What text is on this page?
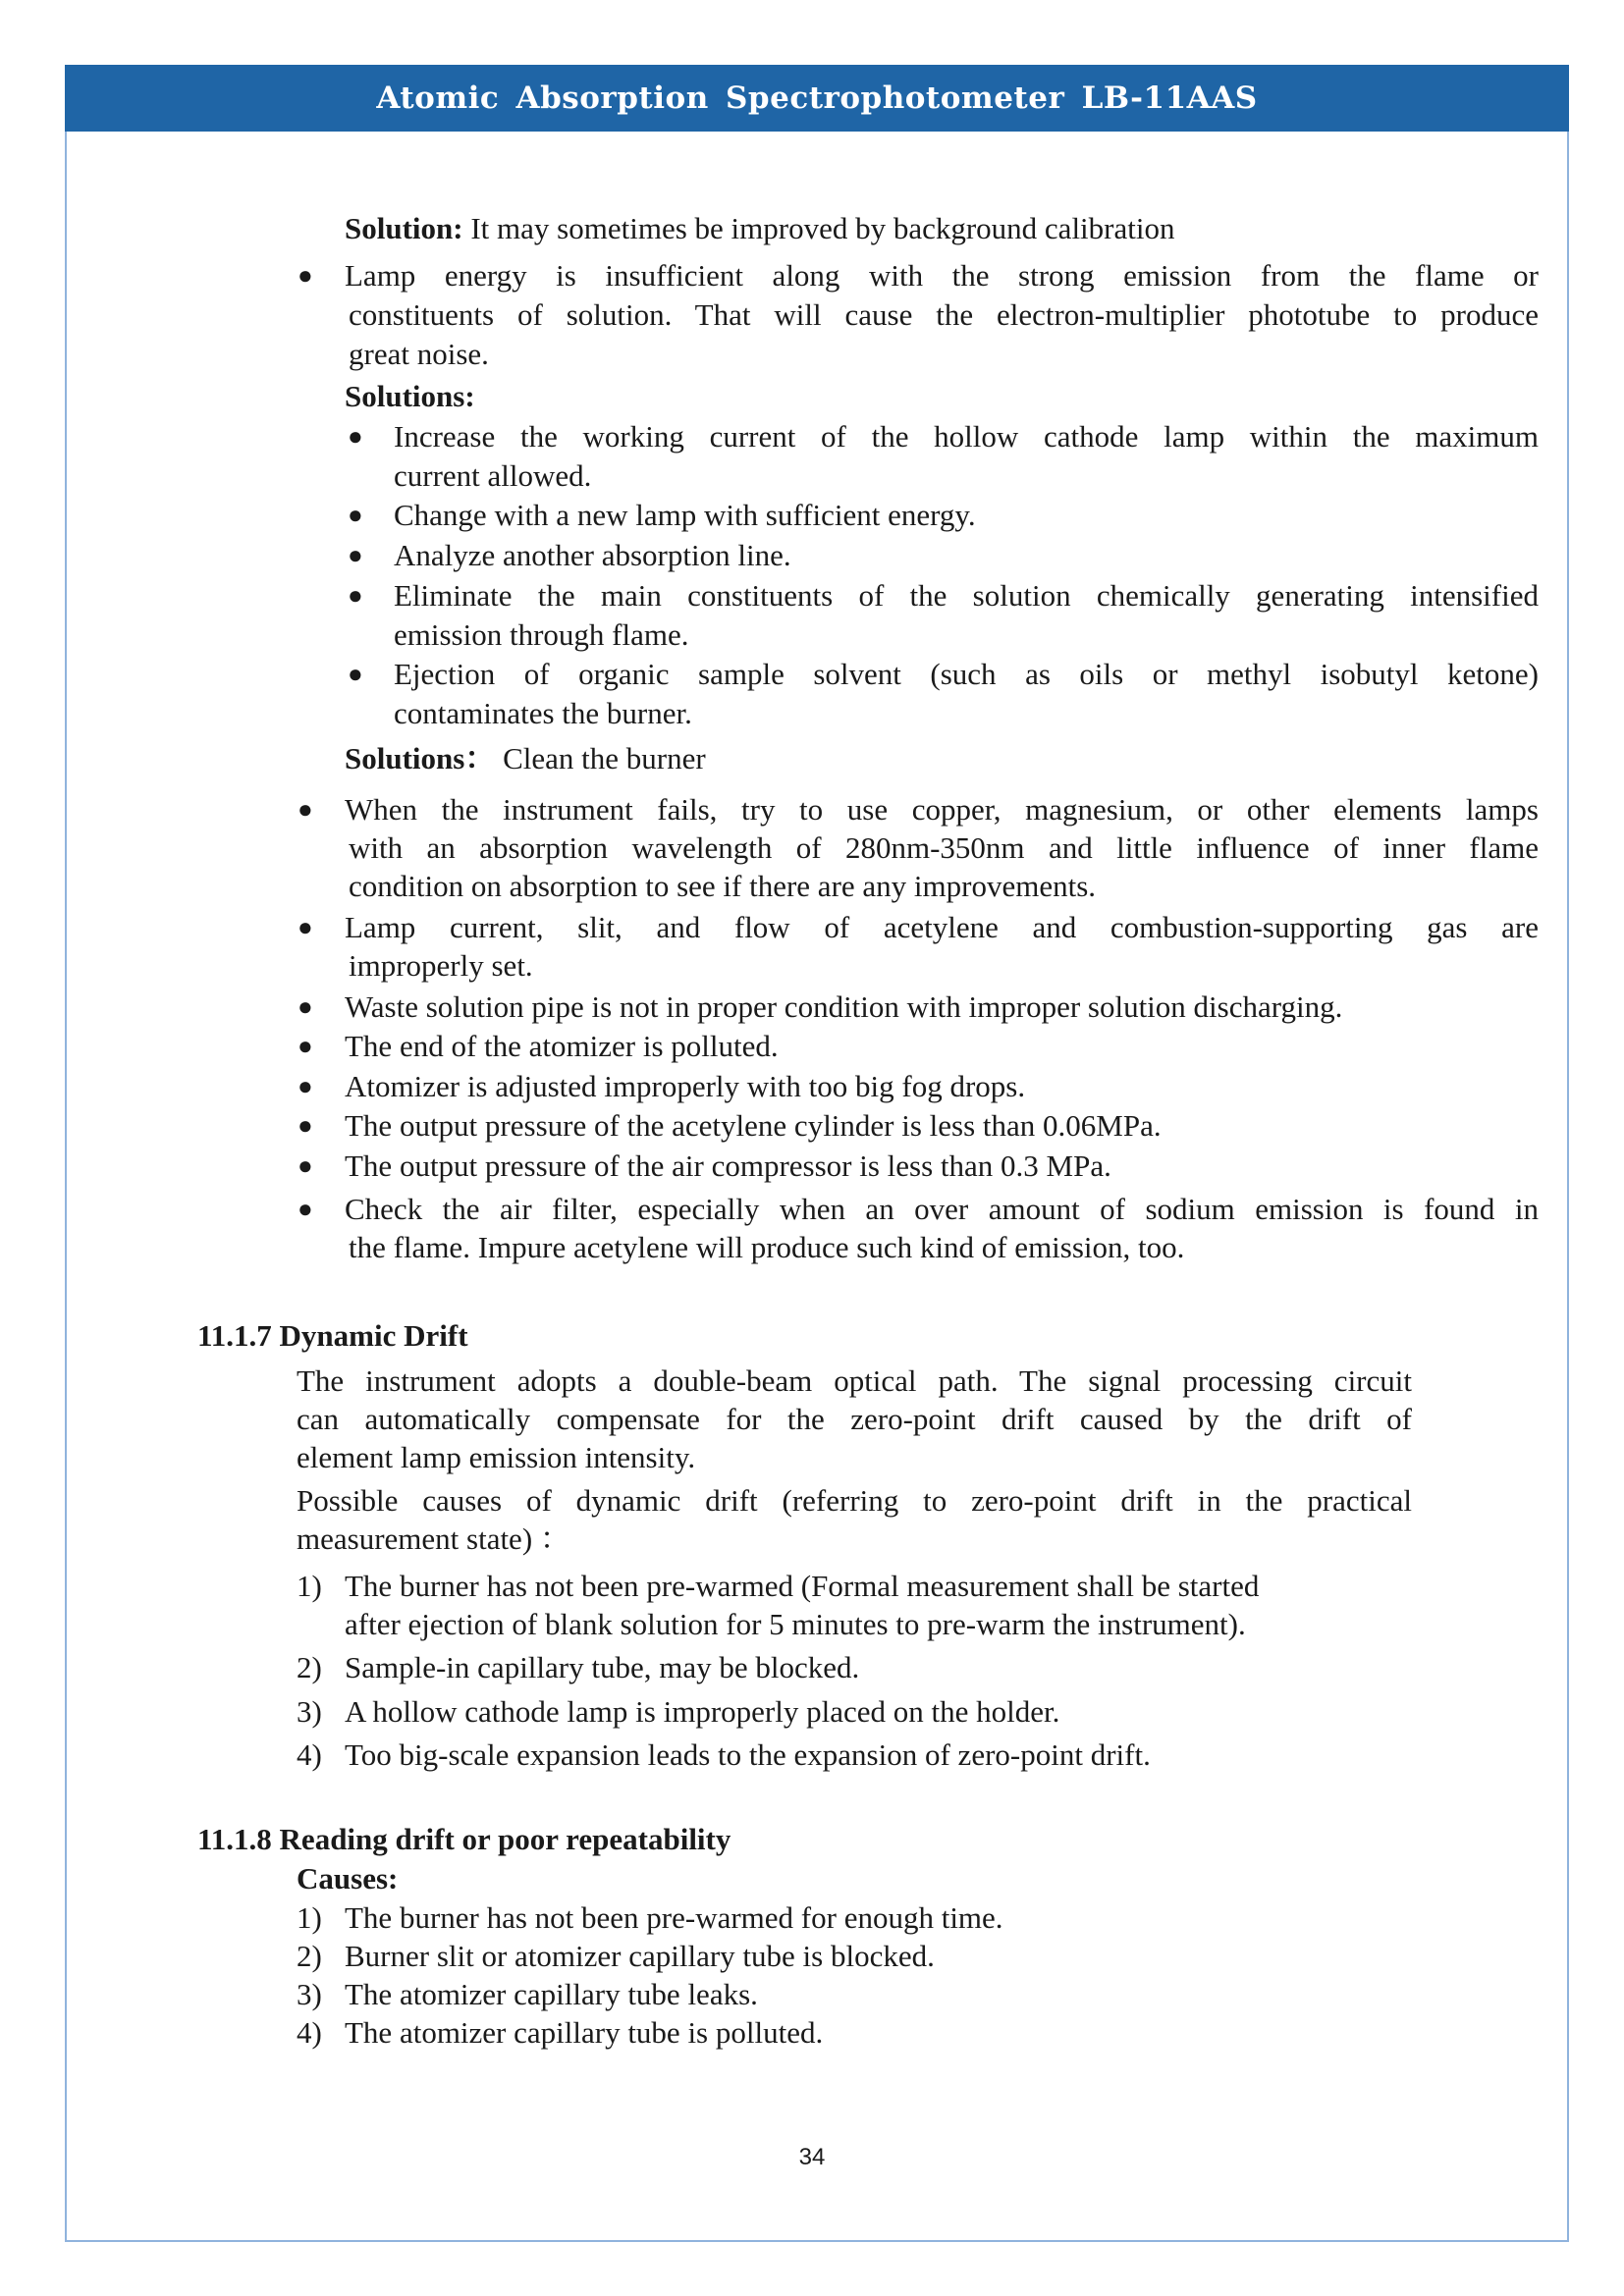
Atomic Absorption Spectrophotometer LB-11AAS
Solution: It may sometimes be improved by background calibration
● Lamp energy is insufficient along with the strong emission from the flame or
constituents of solution. That will cause the electron-multiplier phototube to produce
great noise.
Solutions:
● Increase the working current of the hollow cathode lamp within the maximum
current allowed.
● Change with a new lamp with sufficient energy.
● Analyze another absorption line.
● Eliminate the main constituents of the solution chemically generating intensified
emission through flame.
● Ejection of organic sample solvent (such as oils or methyl isobutyl ketone)
contaminates the burner.
Solutions： Clean the burner
● When the instrument fails, try to use copper, magnesium, or other elements lamps
with an absorption wavelength of 280nm-350nm and little influence of inner flame
condition on absorption to see if there are any improvements.
● Lamp current, slit, and flow of acetylene and combustion-supporting gas are
improperly set.
● Waste solution pipe is not in proper condition with improper solution discharging.
● The end of the atomizer is polluted.
● Atomizer is adjusted improperly with too big fog drops.
● The output pressure of the acetylene cylinder is less than 0.06MPa.
● The output pressure of the air compressor is less than 0.3 MPa.
● Check the air filter, especially when an over amount of sodium emission is found in
the flame. Impure acetylene will produce such kind of emission, too.
11.1.7 Dynamic Drift
The instrument adopts a double-beam optical path. The signal processing circuit
can automatically compensate for the zero-point drift caused by the drift of
element lamp emission intensity.
Possible causes of dynamic drift (referring to zero-point drift in the practical
measurement state) ：
1) The burner has not been pre-warmed (Formal measurement shall be started
after ejection of blank solution for 5 minutes to pre-warm the instrument).
2) Sample-in capillary tube, may be blocked.
3) A hollow cathode lamp is improperly placed on the holder.
4) Too big-scale expansion leads to the expansion of zero-point drift.
11.1.8 Reading drift or poor repeatability
Causes:
1) The burner has not been pre-warmed for enough time.
2) Burner slit or atomizer capillary tube is blocked.
3) The atomizer capillary tube leaks.
4) The atomizer capillary tube is polluted.
34
